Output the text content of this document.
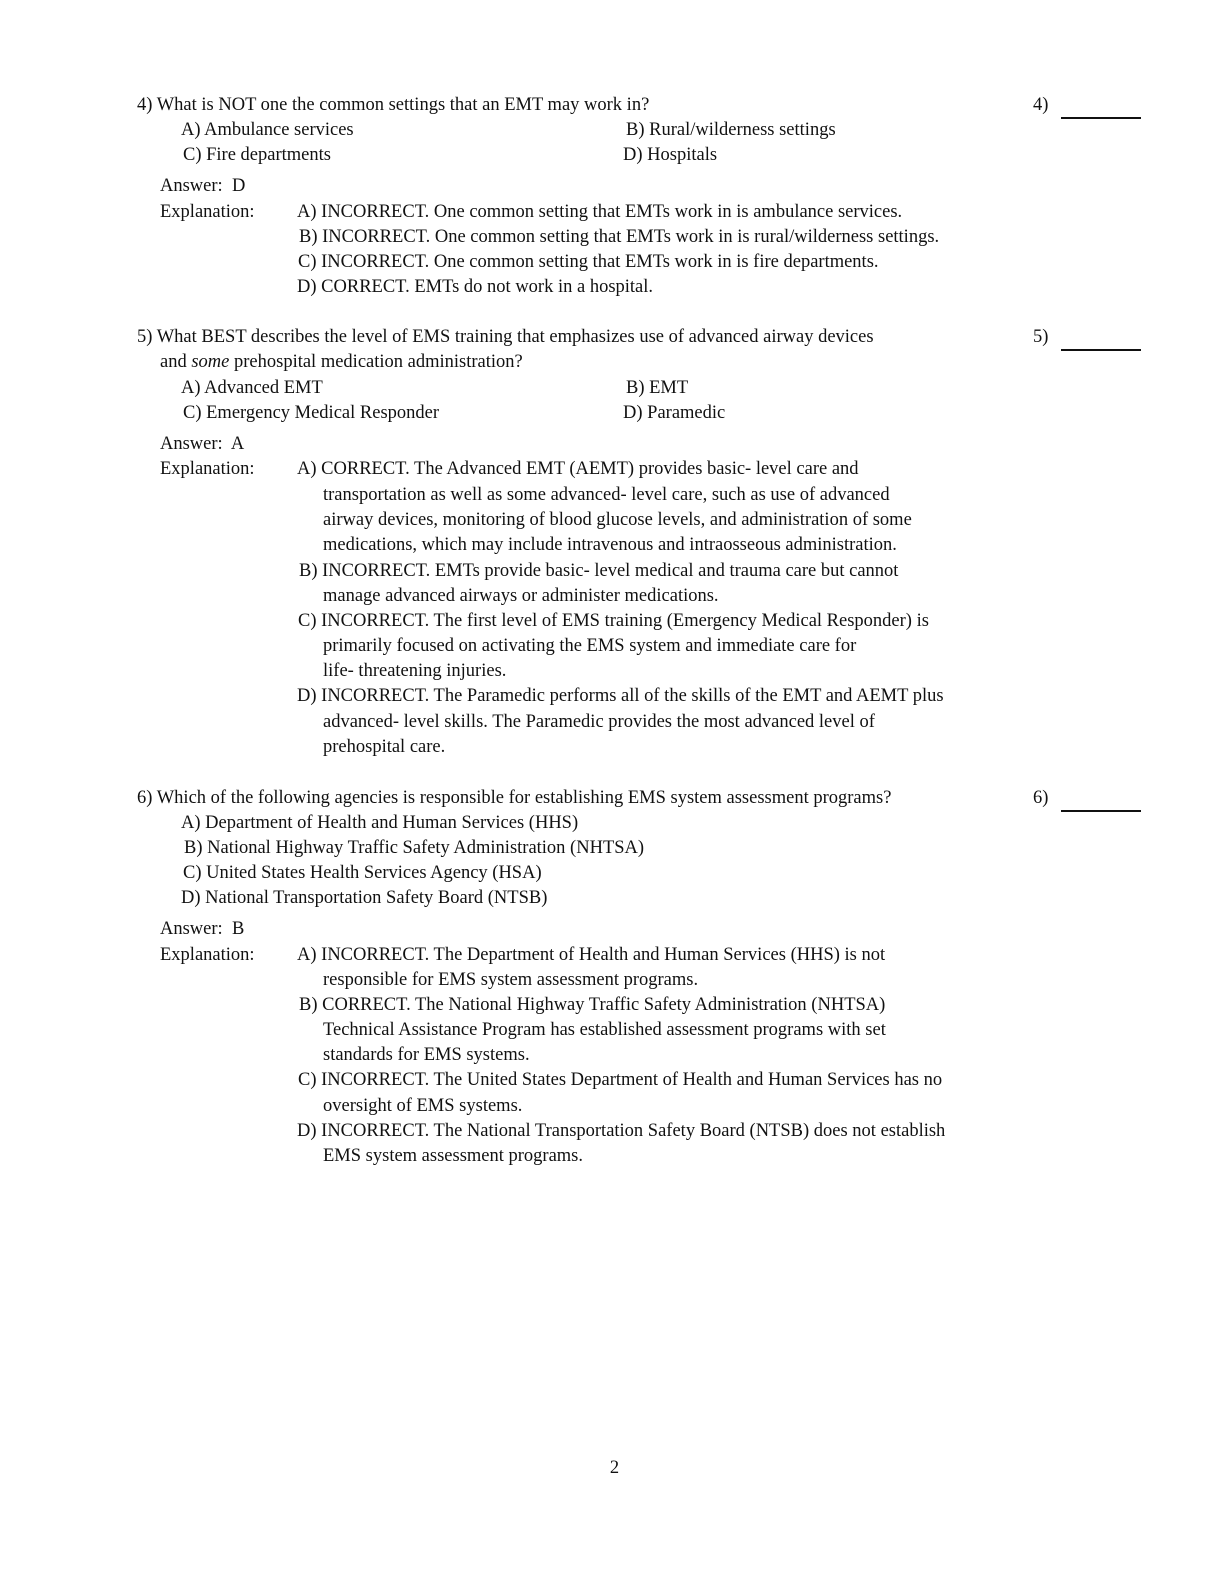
4) What is NOT one the common settings that an EMT may work in?	4)
A) Ambulance services	B) Rural/wilderness settings
C) Fire departments	D) Hospitals
Answer: D
Explanation: A) INCORRECT. One common setting that EMTs work in is ambulance services.
B) INCORRECT. One common setting that EMTs work in is rural/wilderness settings.
C) INCORRECT. One common setting that EMTs work in is fire departments.
D) CORRECT. EMTs do not work in a hospital.
5) What BEST describes the level of EMS training that emphasizes use of advanced airway devices
and some prehospital medication administration?
5)
A) Advanced EMT	B) EMT
C) Emergency Medical Responder	D) Paramedic
Answer: A
Explanation: A) CORRECT. The Advanced EMT (AEMT) provides basic- level care and
transportation as well as some advanced- level care, such as use of advanced
airway devices, monitoring of blood glucose levels, and administration of some
medications, which may include intravenous and intraosseous administration.
B) INCORRECT. EMTs provide basic- level medical and trauma care but cannot
manage advanced airways or administer medications.
C) INCORRECT. The first level of EMS training (Emergency Medical Responder) is
primarily focused on activating the EMS system and immediate care for
life- threatening injuries.
D) INCORRECT. The Paramedic performs all of the skills of the EMT and AEMT plus
advanced- level skills. The Paramedic provides the most advanced level of
prehospital care.
6) Which of the following agencies is responsible for establishing EMS system assessment programs?	6)
A) Department of Health and Human Services (HHS)
B) National Highway Traffic Safety Administration (NHTSA)
C) United States Health Services Agency (HSA)
D) National Transportation Safety Board (NTSB)
Answer: B
Explanation: A) INCORRECT. The Department of Health and Human Services (HHS) is not
responsible for EMS system assessment programs.
B) CORRECT. The National Highway Traffic Safety Administration (NHTSA)
Technical Assistance Program has established assessment programs with set
standards for EMS systems.
C) INCORRECT. The United States Department of Health and Human Services has no
oversight of EMS systems.
D) INCORRECT. The National Transportation Safety Board (NTSB) does not establish
EMS system assessment programs.
2
